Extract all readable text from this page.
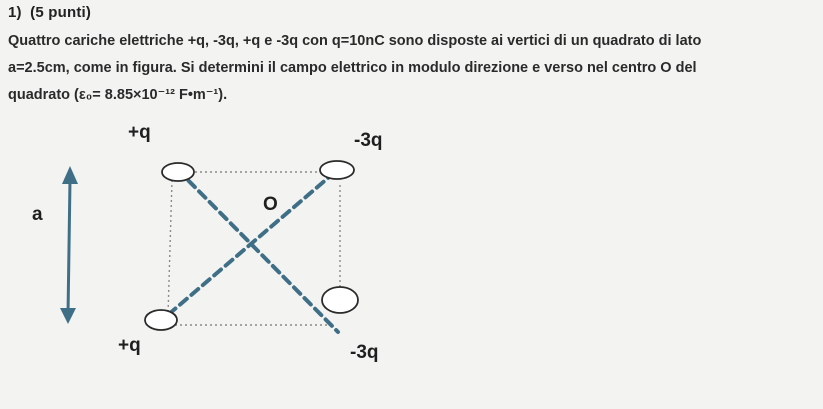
1) (5 punti)
Quattro cariche elettriche +q, -3q, +q e -3q con q=10nC sono disposte ai vertici di un quadrato di lato
a=2.5cm, come in figura. Si determini il campo elettrico in modulo direzione e verso nel centro O del
quadrato (ε₀= 8.85×10⁻¹² F•m⁻¹).
+q	-3q
+q	-3q
O
a
